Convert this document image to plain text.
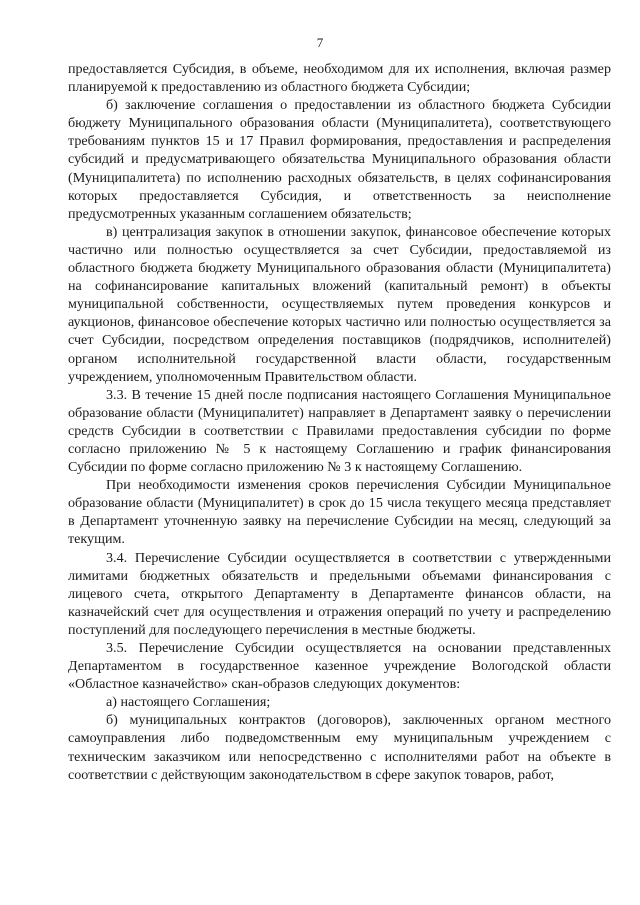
7

предоставляется Субсидия, в объеме, необходимом для их исполнения, включая размер планируемой к предоставлению из областного бюджета Субсидии;

б) заключение соглашения о предоставлении из областного бюджета Субсидии бюджету Муниципального образования области (Муниципалитета), соответствующего требованиям пунктов 15 и 17 Правил формирования, предоставления и распределения субсидий и предусматривающего обязательства Муниципального образования области (Муниципалитета) по исполнению расходных обязательств, в целях софинансирования которых предоставляется Субсидия, и ответственность за неисполнение предусмотренных указанным соглашением обязательств;

в) централизация закупок в отношении закупок, финансовое обеспечение которых частично или полностью осуществляется за счет Субсидии, предоставляемой из областного бюджета бюджету Муниципального образования области (Муниципалитета) на софинансирование капитальных вложений (капитальный ремонт) в объекты муниципальной собственности, осуществляемых путем проведения конкурсов и аукционов, финансовое обеспечение которых частично или полностью осуществляется за счет Субсидии, посредством определения поставщиков (подрядчиков, исполнителей) органом исполнительной государственной власти области, государственным учреждением, уполномоченным Правительством области.

3.3. В течение 15 дней после подписания настоящего Соглашения Муниципальное образование области (Муниципалитет) направляет в Департамент заявку о перечислении средств Субсидии в соответствии с Правилами предоставления субсидии по форме согласно приложению № 5 к настоящему Соглашению и график финансирования Субсидии по форме согласно приложению № 3 к настоящему Соглашению.

При необходимости изменения сроков перечисления Субсидии Муниципальное образование области (Муниципалитет) в срок до 15 числа текущего месяца представляет в Департамент уточненную заявку на перечисление Субсидии на месяц, следующий за текущим.

3.4. Перечисление Субсидии осуществляется в соответствии с утвержденными лимитами бюджетных обязательств и предельными объемами финансирования с лицевого счета, открытого Департаменту в Департаменте финансов области, на казначейский счет для осуществления и отражения операций по учету и распределению поступлений для последующего перечисления в местные бюджеты.

3.5. Перечисление Субсидии осуществляется на основании представленных Департаментом в государственное казенное учреждение Вологодской области «Областное казначейство» скан-образов следующих документов:

а) настоящего Соглашения;

б) муниципальных контрактов (договоров), заключенных органом местного самоуправления либо подведомственным ему муниципальным учреждением с техническим заказчиком или непосредственно с исполнителями работ на объекте в соответствии с действующим законодательством в сфере закупок товаров, работ,
